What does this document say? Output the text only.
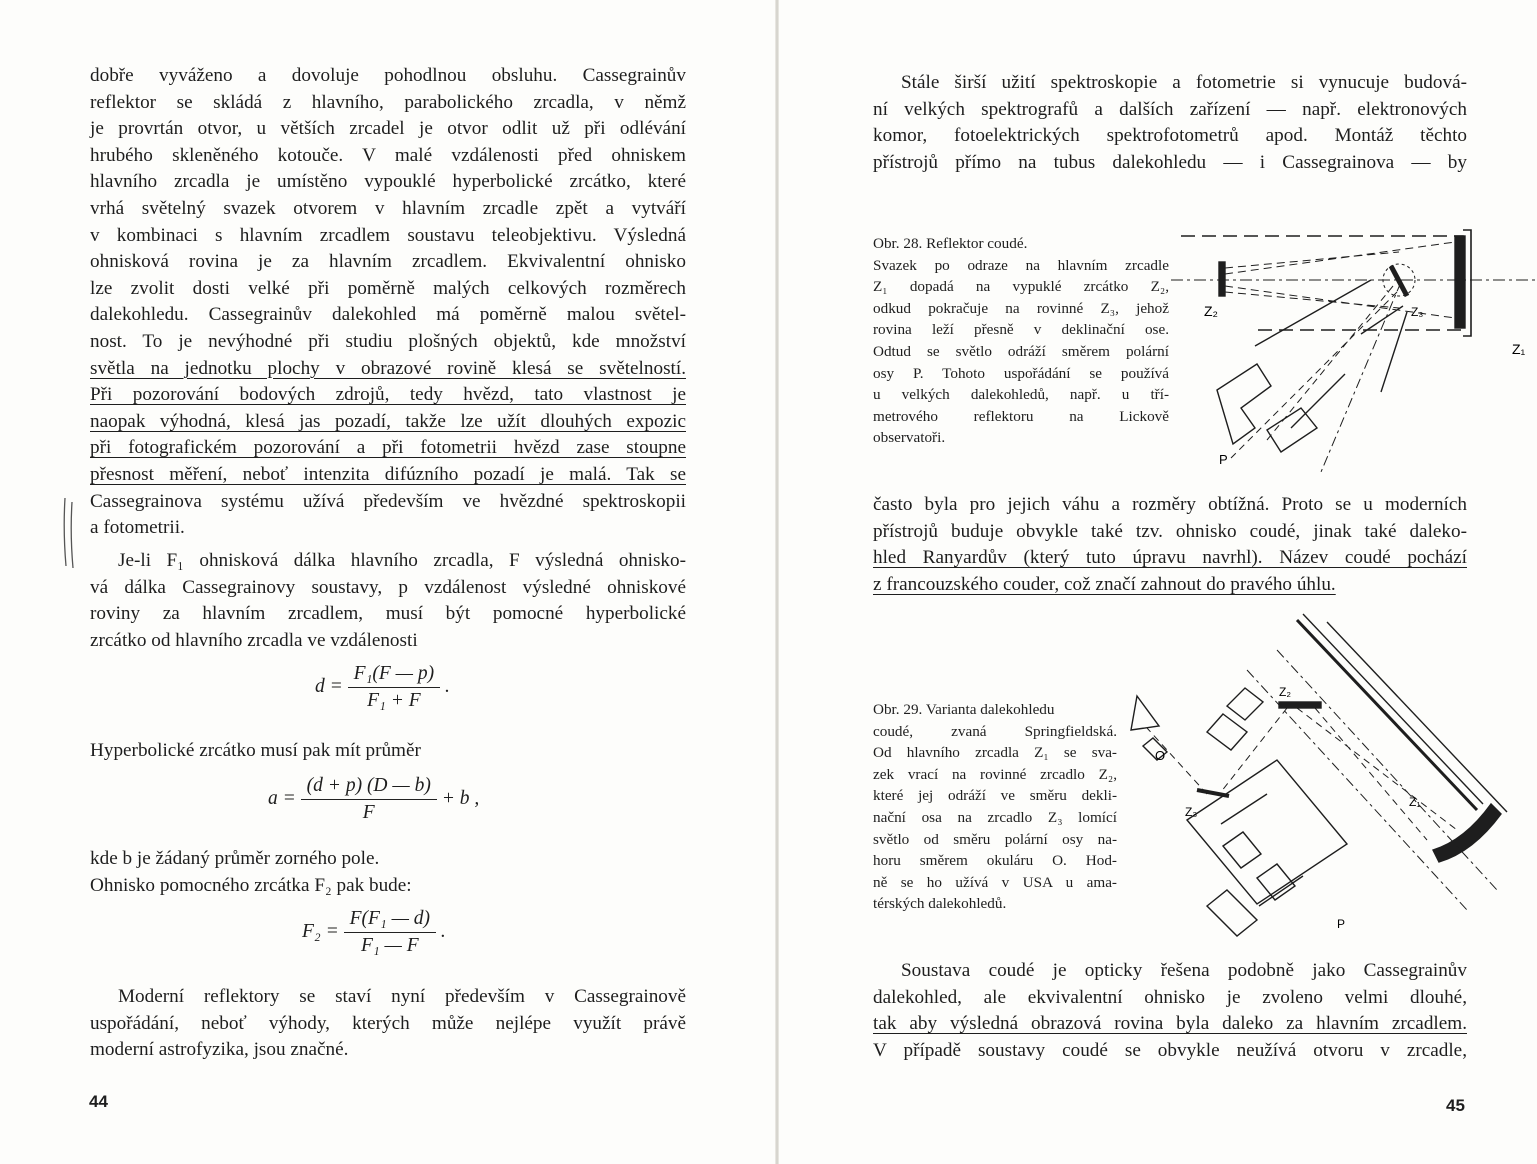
dobře vyváženo a dovoluje pohodlnou obsluhu. Cassegrainův
reflektor se skládá z hlavního, parabolického zrcadla, v němž
je provrtán otvor, u větších zrcadel je otvor odlit už při odlévání
hrubého skleněného kotouče. V malé vzdálenosti před ohniskem
hlavního zrcadla je umístěno vypouklé hyperbolické zrcátko, které
vrhá světelný svazek otvorem v hlavním zrcadle zpět a vytváří
v kombinaci s hlavním zrcadlem soustavu teleobjektivu. Výsledná
ohnisková rovina je za hlavním zrcadlem. Ekvivalentní ohnisko
lze zvolit dosti velké při poměrně malých celkových rozměrech
dalekohledu. Cassegrainův dalekohled má poměrně malou světel-
nost. To je nevýhodné při studiu plošných objektů, kde množství
světla na jednotku plochy v obrazové rovině klesá se světelností.
Při pozorování bodových zdrojů, tedy hvězd, tato vlastnost je
naopak výhodná, klesá jas pozadí, takže lze užít dlouhých expozic
při fotografickém pozorování a při fotometrii hvězd zase stoupne
přesnost měření, neboť intenzita difúzního pozadí je malá. Tak se
Cassegrainova systému užívá především ve hvězdné spektroskopii
a fotometrii.
Je-li F₁ ohnisková dálka hlavního zrcadla, F výsledná ohnisko-
vá dálka Cassegrainovy soustavy, p vzdálenost výsledné ohniskové
roviny za hlavním zrcadlem, musí být pomocné hyperbolické
zrcátko od hlavního zrcadla ve vzdálenosti
$d = \frac{\text{F₁(F — p)}}{\text{F₁ + F}}$ .
Hyperbolické zrcátko musí pak mít průměr
$a = \frac{(d + p) (D — b)}{F} + b$ ,
kde b je žádaný průměr zorného pole.
Ohnisko pomocného zrcátka F₂ pak bude:
$F_2 = \frac{\text{F(F₁ — d)}}{\text{F₁ — F}}$ .
Moderní reflektory se staví nyní především v Cassegrainově
uspořádání, neboť výhody, kterých může nejlépe využít právě
moderní astrofyzika, jsou značné.
44
Stále širší užití spektroskopie a fotometrie si vynucuje budová-
ní velkých spektrografů a dalších zařízení — např. elektronových
komor, fotoelektrických spektrofotometrů apod. Montáž těchto
přístrojů přímo na tubus dalekohledu — i Cassegrainova — by
Obr. 28. Reflektor coudé.
Svazek po odraze na hlavním zrcadle
Z₁ dopadá na vypuklé zrcátko Z₂,
odkud pokračuje na rovinné Z₃, jehož
rovina leží přesně v deklinační ose.
Odtud se světlo odráží směrem polární
osy P. Tohoto uspořádání se používá
u velkých dalekohledů, např. u tří-
metrového reflektoru na Lickově
observatoři.
Z₂	Z₃
Z₁
P
často byla pro jejich váhu a rozměry obtížná. Proto se u moderních
přístrojů buduje obvykle také tzv. ohnisko coudé, jinak také daleko-
hled Ranyardův (který tuto úpravu navrhl). Název coudé pochází
z francouzského couder, což značí zahnout do pravého úhlu.
Obr. 29. Varianta dalekohledu
coudé, zvaná Springfieldská.
Od hlavního zrcadla Z₁ se sva-
zek vrací na rovinné zrcadlo Z₂,
které jej odráží ve směru dekli-
nační osa na zrcadlo Z₃ lomící
světlo od směru polární osy na-
horu směrem okuláru O. Hod-
ně se ho užívá v USA u ama-
térských dalekohledů.
Z₂
Z₃
Z₁
O
P
Soustava coudé je opticky řešena podobně jako Cassegrainův
dalekohled, ale ekvivalentní ohnisko je zvoleno velmi dlouhé,
tak aby výsledná obrazová rovina byla daleko za hlavním zrcadlem.
V případě soustavy coudé se obvykle neužívá otvoru v zrcadle,
45
